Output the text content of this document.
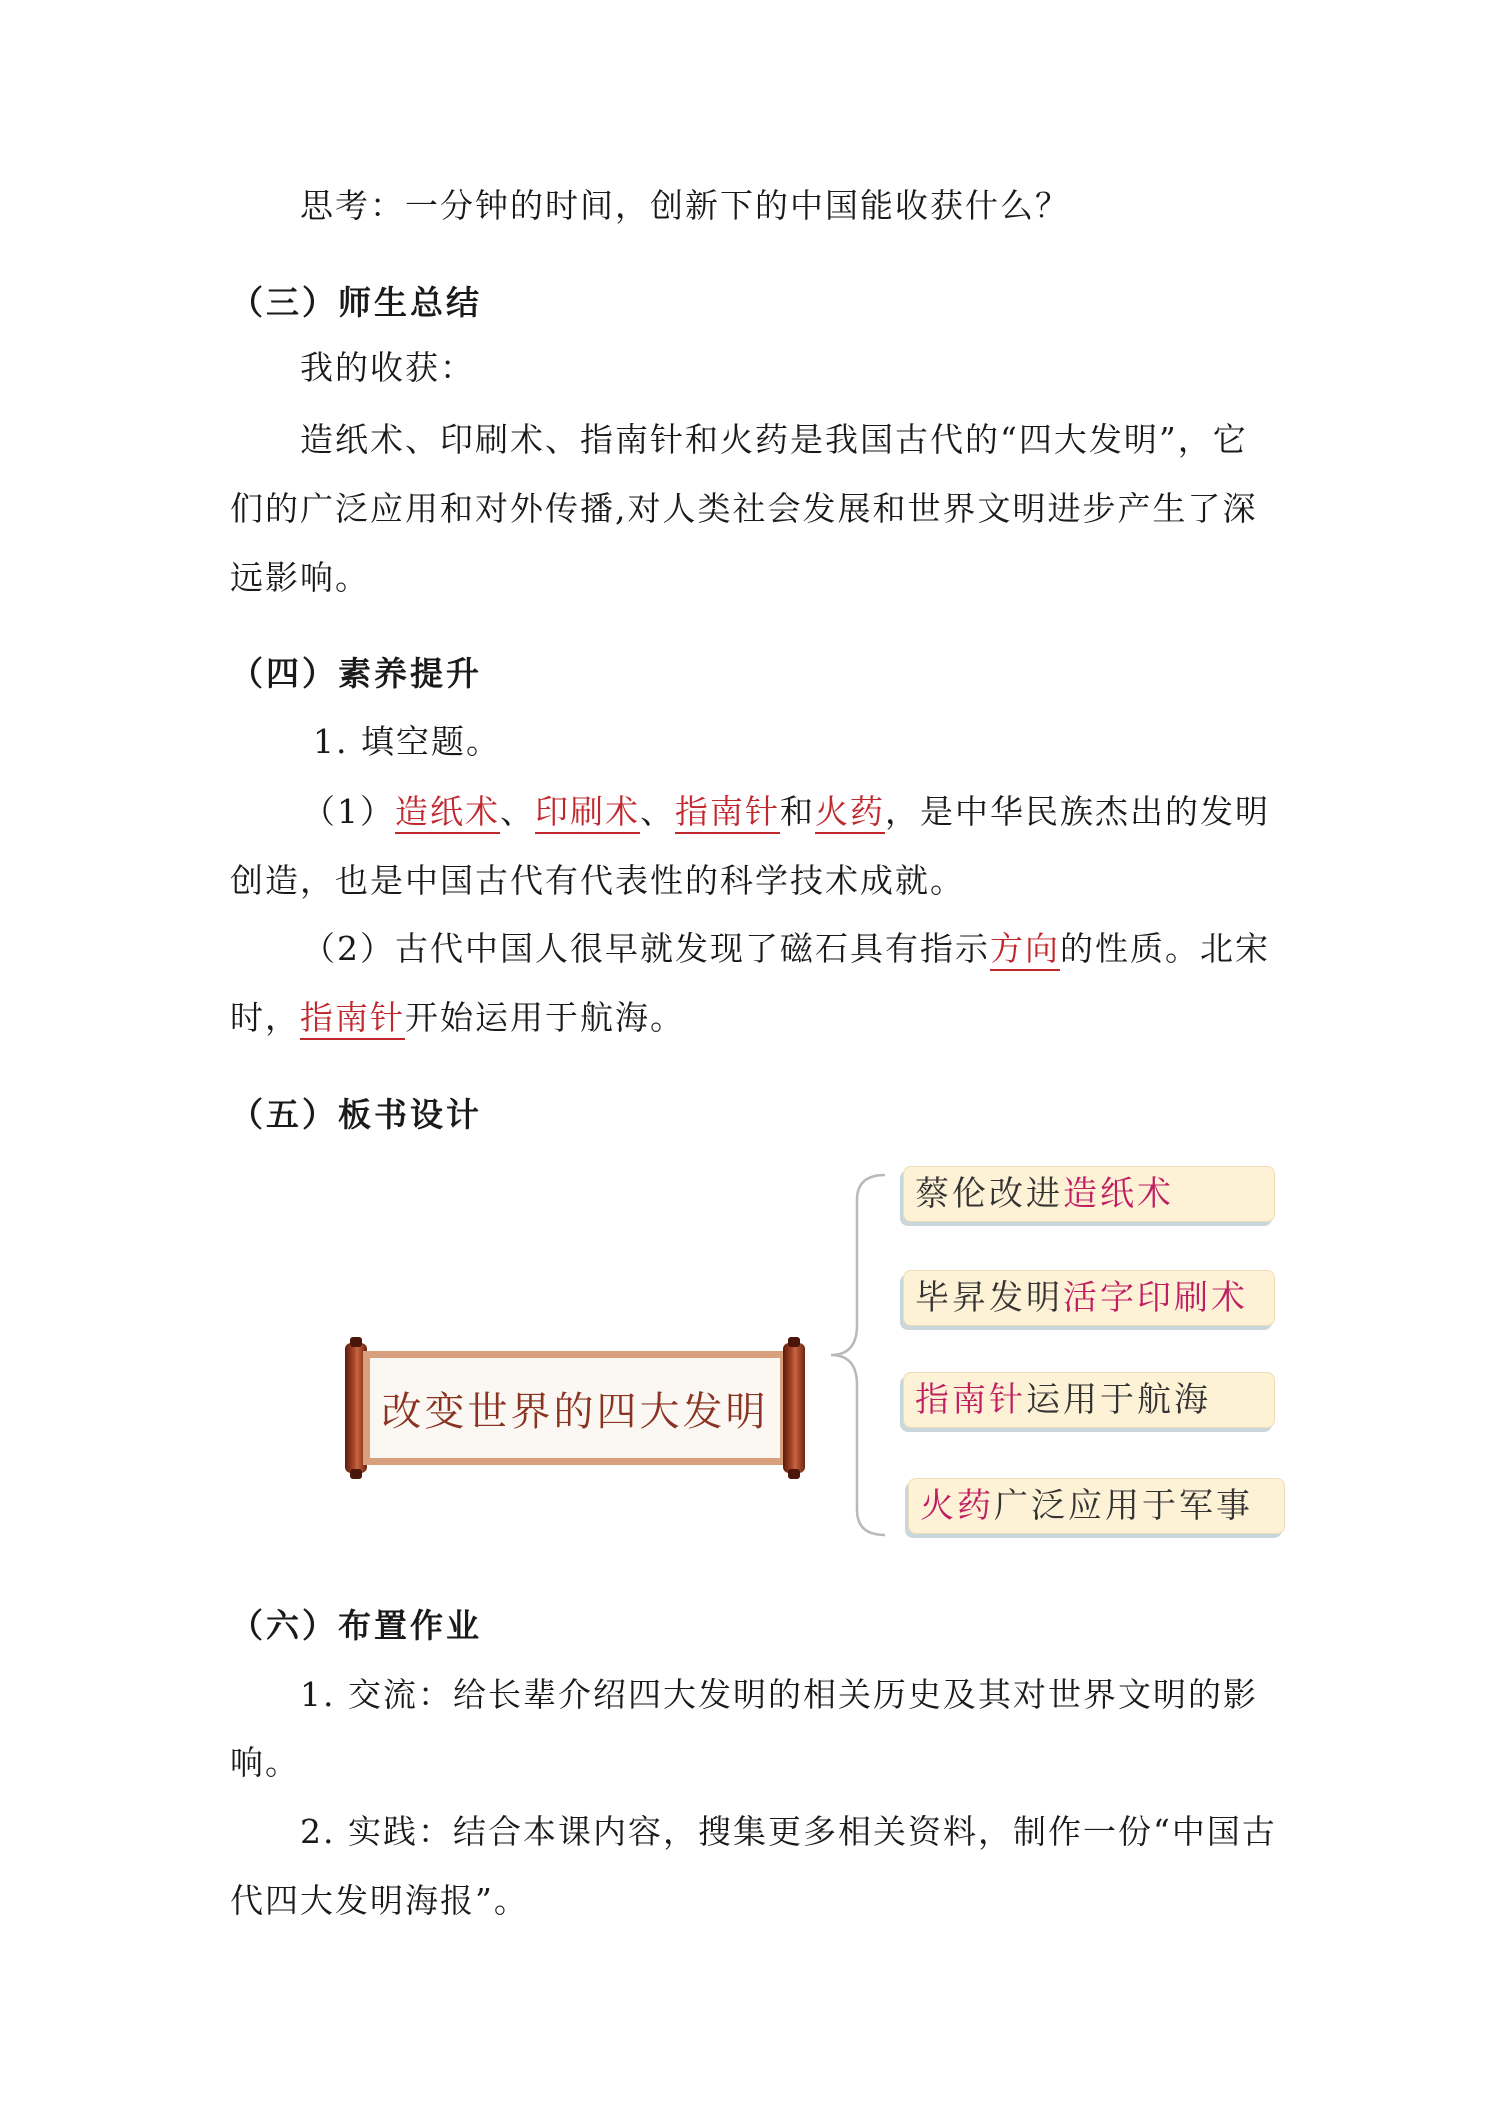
思考：一分钟的时间，创新下的中国能收获什么？
（三）师生总结
我的收获：
造纸术、印刷术、指南针和火药是我国古代的“四大发明”，它
们的广泛应用和对外传播,对人类社会发展和世界文明进步产生了深
远影响。
（四）素养提升
1. 填空题。
（1）造纸术、印刷术、指南针和火药，是中华民族杰出的发明
创造，也是中国古代有代表性的科学技术成就。
（2）古代中国人很早就发现了磁石具有指示方向的性质。北宋
时，指南针开始运用于航海。
（五）板书设计
改变世界的四大发明
蔡伦改进造纸术
毕昇发明活字印刷术
指南针运用于航海
火药广泛应用于军事
（六）布置作业
1. 交流：给长辈介绍四大发明的相关历史及其对世界文明的影
响。
2. 实践：结合本课内容，搜集更多相关资料，制作一份“中国古
代四大发明海报”。
